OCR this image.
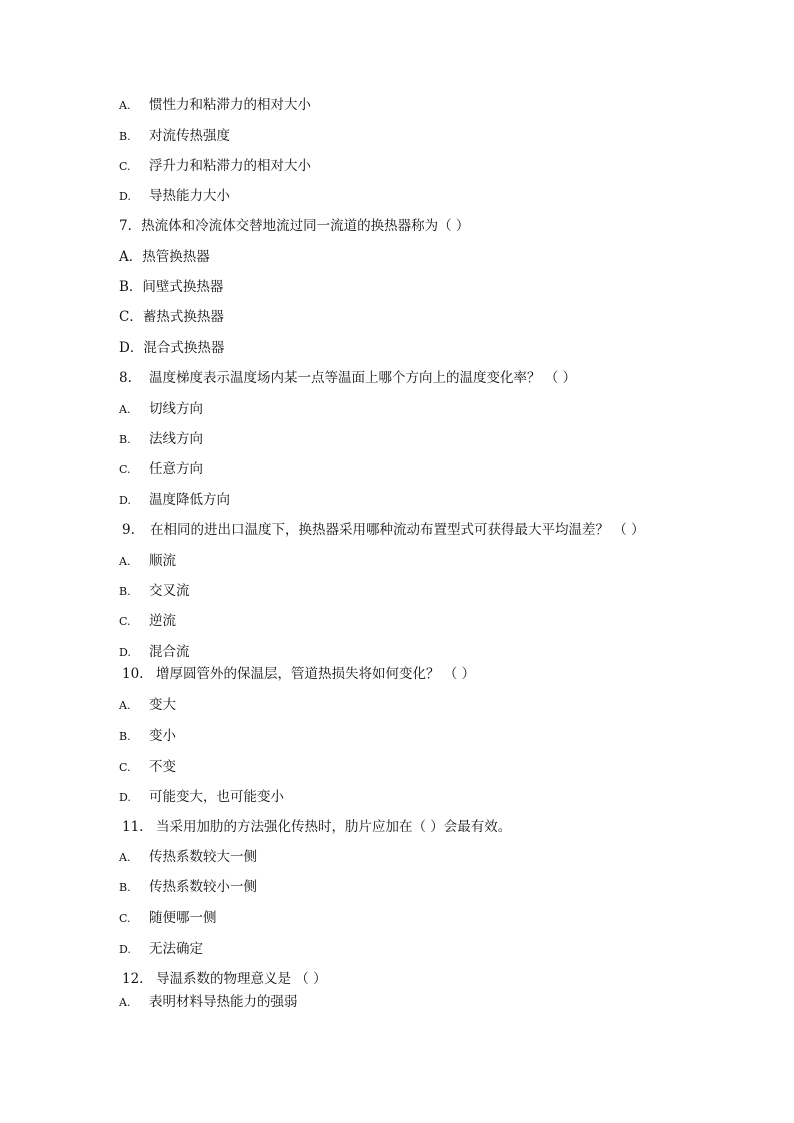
A. 惯性力和粘滞力的相对大小
B. 对流传热强度
C. 浮升力和粘滞力的相对大小
D. 导热能力大小
7．热流体和冷流体交替地流过同一流道的换热器称为（ ）
A．热管换热器
B．间壁式换热器
C．蓄热式换热器
D．混合式换热器
8. 温度梯度表示温度场内某一点等温面上哪个方向上的温度变化率？ （ ）
A. 切线方向
B. 法线方向
C. 任意方向
D. 温度降低方向
9. 在相同的进出口温度下，换热器采用哪种流动布置型式可获得最大平均温差？ （ ）
A. 顺流
B. 交叉流
C. 逆流
D. 混合流
10. 增厚圆管外的保温层，管道热损失将如何变化？ （ ）
A. 变大
B. 变小
C. 不变
D. 可能变大，也可能变小
11. 当采用加肋的方法强化传热时，肋片应加在（ ）会最有效。
A. 传热系数较大一侧
B. 传热系数较小一侧
C. 随便哪一侧
D. 无法确定
12. 导温系数的物理意义是 （ ）
A. 表明材料导热能力的强弱
